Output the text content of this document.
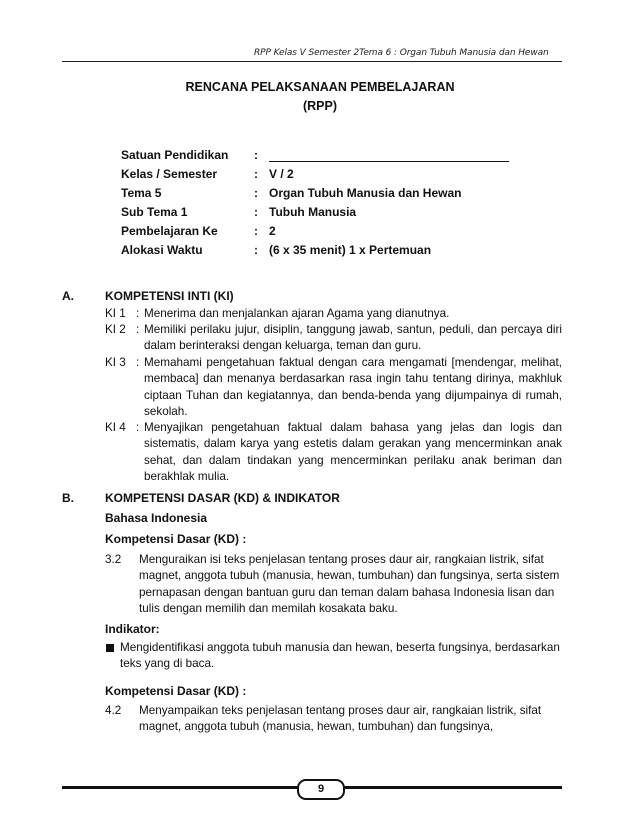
RPP Kelas V Semester 2Tema 6 : Organ Tubuh Manusia dan Hewan
RENCANA PELAKSANAAN PEMBELAJARAN
(RPP)
Satuan Pendidikan :
Kelas / Semester	: V / 2
Tema 5	: Organ Tubuh Manusia dan Hewan
Sub Tema 1	: Tubuh Manusia
Pembelajaran Ke	: 2
Alokasi Waktu	: (6 x 35 menit) 1 x Pertemuan
A.	KOMPETENSI INTI (KI)
KI 1 : Menerima dan menjalankan ajaran Agama yang dianutnya.
KI 2 : Memiliki perilaku jujur, disiplin, tanggung jawab, santun, peduli, dan percaya diri dalam berinteraksi dengan keluarga, teman dan guru.
KI 3 : Memahami pengetahuan faktual dengan cara mengamati [mendengar, melihat, membaca] dan menanya berdasarkan rasa ingin tahu tentang dirinya, makhluk ciptaan Tuhan dan kegiatannya, dan benda-benda yang dijumpainya di rumah, sekolah.
KI 4 : Menyajikan pengetahuan faktual dalam bahasa yang jelas dan logis dan sistematis, dalam karya yang estetis dalam gerakan yang mencerminkan anak sehat, dan dalam tindakan yang mencerminkan perilaku anak beriman dan berakhlak mulia.
B.	KOMPETENSI DASAR (KD) & INDIKATOR
Bahasa Indonesia
Kompetensi Dasar (KD) :
3.2 Menguraikan isi teks penjelasan tentang proses daur air, rangkaian listrik, sifat magnet, anggota tubuh (manusia, hewan, tumbuhan) dan fungsinya, serta sistem pernapasan dengan bantuan guru dan teman dalam bahasa Indonesia lisan dan tulis dengan memilih dan memilah kosakata baku.
Indikator:
Mengidentifikasi anggota tubuh manusia dan hewan, beserta fungsinya, berdasarkan teks yang di baca.
Kompetensi Dasar (KD) :
4.2 Menyampaikan teks penjelasan tentang proses daur air, rangkaian listrik, sifat magnet, anggota tubuh (manusia, hewan, tumbuhan) dan fungsinya,
9
